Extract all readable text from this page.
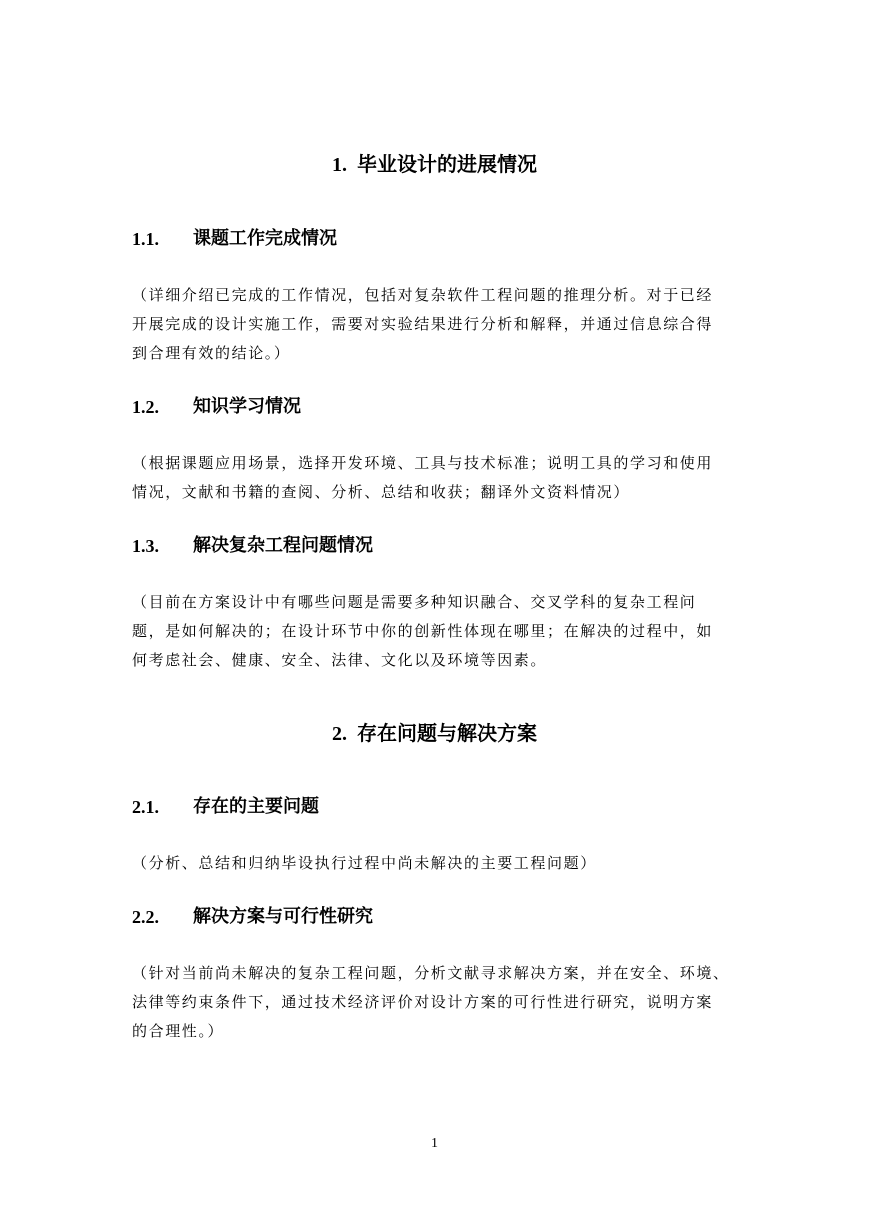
1. 毕业设计的进展情况
1.1.	课题工作完成情况
（详细介绍已完成的工作情况，包括对复杂软件工程问题的推理分析。对于已经
开展完成的设计实施工作，需要对实验结果进行分析和解释，并通过信息综合得
到合理有效的结论。）
1.2.	知识学习情况
（根据课题应用场景，选择开发环境、工具与技术标准；说明工具的学习和使用
情况，文献和书籍的查阅、分析、总结和收获；翻译外文资料情况）
1.3.	解决复杂工程问题情况
（目前在方案设计中有哪些问题是需要多种知识融合、交叉学科的复杂工程问
题，是如何解决的；在设计环节中你的创新性体现在哪里；在解决的过程中，如
何考虑社会、健康、安全、法律、文化以及环境等因素。
2. 存在问题与解决方案
2.1.	存在的主要问题
（分析、总结和归纳毕设执行过程中尚未解决的主要工程问题）
2.2.	解决方案与可行性研究
（针对当前尚未解决的复杂工程问题，分析文献寻求解决方案，并在安全、环境、
法律等约束条件下，通过技术经济评价对设计方案的可行性进行研究，说明方案
的合理性。）
1
